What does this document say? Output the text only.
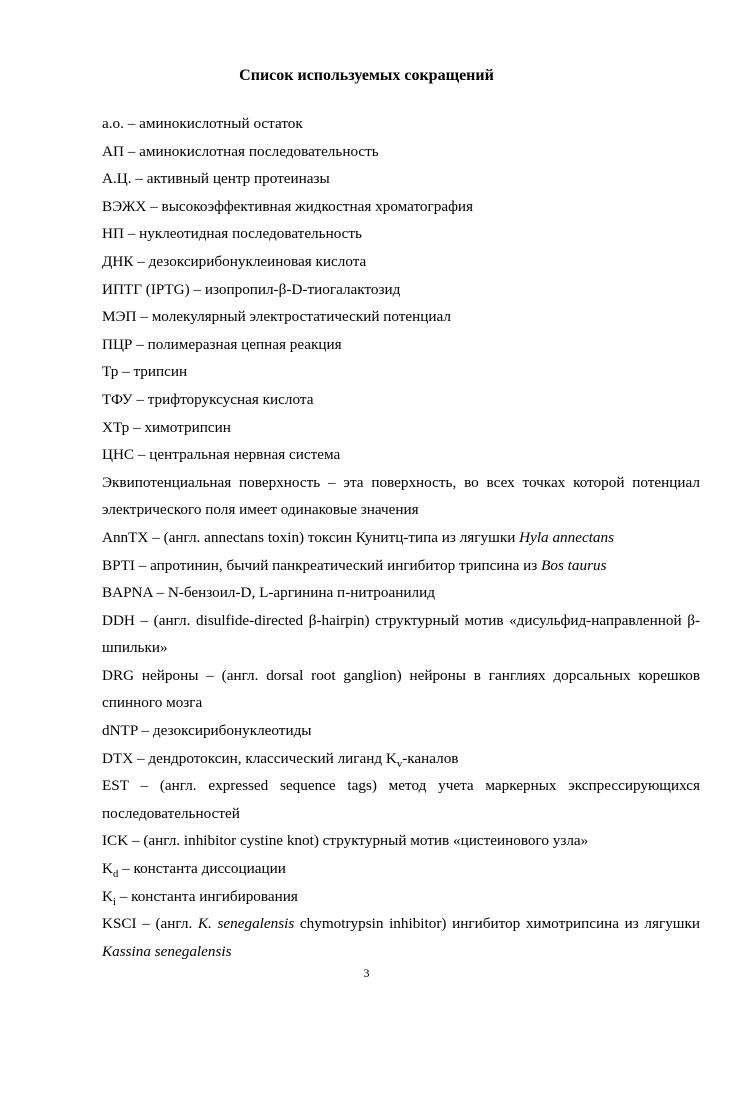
Список используемых сокращений

а.о. – аминокислотный остаток

АП – аминокислотная последовательность

А.Ц. – активный центр протеиназы

ВЭЖХ – высокоэффективная жидкостная хроматография

НП – нуклеотидная последовательность

ДНК – дезоксирибонуклеиновая кислота

ИПТГ (IPTG) – изопропил-β-D-тиогалактозид

МЭП – молекулярный электростатический потенциал

ПЦР – полимеразная цепная реакция

Тр – трипсин

ТФУ – трифторуксусная кислота

ХТр – химотрипсин

ЦНС – центральная нервная система

Эквипотенциальная поверхность – эта поверхность, во всех точках которой потенциал электрического поля имеет одинаковые значения

AnnTX – (англ. annectans toxin) токсин Кунитц-типа из лягушки Hyla annectans

BPTI – апротинин, бычий панкреатический ингибитор трипсина из Bos taurus

BAPNA – N-бензоил-D, L-аргинина п-нитроанилид

DDH – (англ. disulfide-directed β-hairpin) структурный мотив «дисульфид-направленной β-шпильки»

DRG нейроны – (англ. dorsal root ganglion) нейроны в ганглиях дорсальных корешков спинного мозга

dNTP – дезоксирибонуклеотиды

DTX – дендротоксин, классический лиганд $K_v$-каналов

EST – (англ. expressed sequence tags) метод учета маркерных экспрессирующихся последовательностей

ICK – (англ. inhibitor cystine knot) структурный мотив «цистеинового узла»

$K_d$ – константа диссоциации

$K_i$ – константа ингибирования

KSCI – (англ. K. senegalensis chymotrypsin inhibitor) ингибитор химотрипсина из лягушки Kassina senegalensis

3
